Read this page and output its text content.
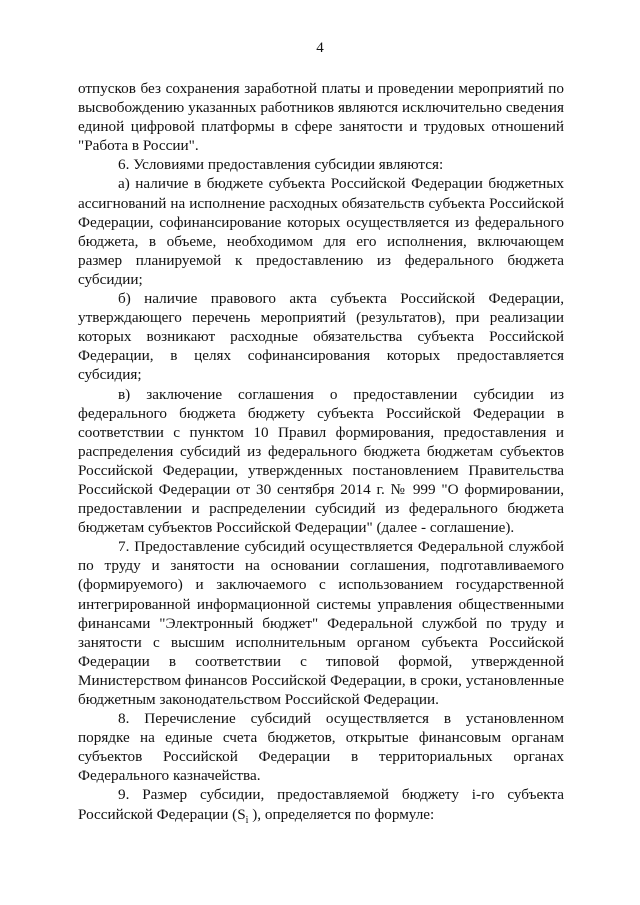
4

отпусков без сохранения заработной платы и проведении мероприятий по высвобождению указанных работников являются исключительно сведения единой цифровой платформы в сфере занятости и трудовых отношений "Работа в России".

6. Условиями предоставления субсидии являются:

а) наличие в бюджете субъекта Российской Федерации бюджетных ассигнований на исполнение расходных обязательств субъекта Российской Федерации, софинансирование которых осуществляется из федерального бюджета, в объеме, необходимом для его исполнения, включающем размер планируемой к предоставлению из федерального бюджета субсидии;

б) наличие правового акта субъекта Российской Федерации, утверждающего перечень мероприятий (результатов), при реализации которых возникают расходные обязательства субъекта Российской Федерации, в целях софинансирования которых предоставляется субсидия;

в) заключение соглашения о предоставлении субсидии из федерального бюджета бюджету субъекта Российской Федерации в соответствии с пунктом 10 Правил формирования, предоставления и распределения субсидий из федерального бюджета бюджетам субъектов Российской Федерации, утвержденных постановлением Правительства Российской Федерации от 30 сентября 2014 г. № 999 "О формировании, предоставлении и распределении субсидий из федерального бюджета бюджетам субъектов Российской Федерации" (далее - соглашение).

7. Предоставление субсидий осуществляется Федеральной службой по труду и занятости на основании соглашения, подготавливаемого (формируемого) и заключаемого с использованием государственной интегрированной информационной системы управления общественными финансами "Электронный бюджет" Федеральной службой по труду и занятости с высшим исполнительным органом субъекта Российской Федерации в соответствии с типовой формой, утвержденной Министерством финансов Российской Федерации, в сроки, установленные бюджетным законодательством Российской Федерации.

8. Перечисление субсидий осуществляется в установленном порядке на единые счета бюджетов, открытые финансовым органам субъектов Российской Федерации в территориальных органах Федерального казначейства.

9. Размер субсидии, предоставляемой бюджету i-го субъекта Российской Федерации ($S_i$ ), определяется по формуле:
